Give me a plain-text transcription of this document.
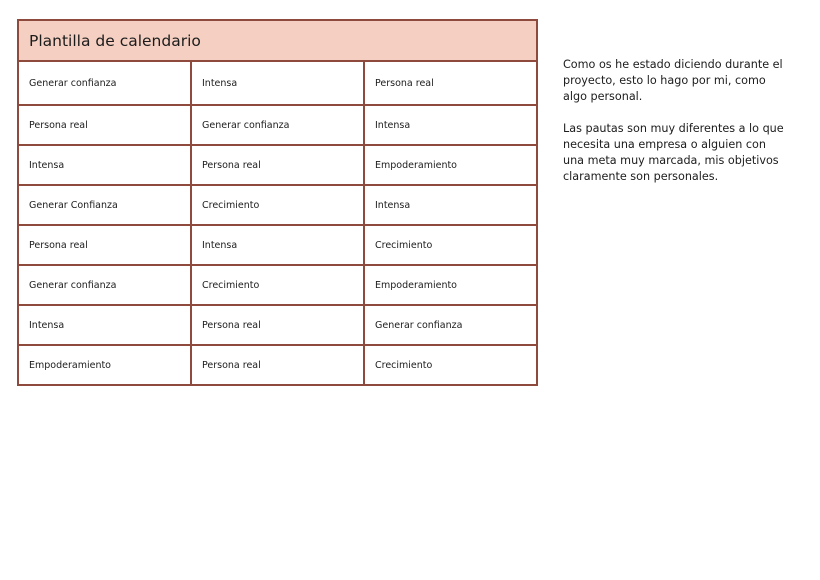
Plantilla de calendario		
Generar confianza	Intensa	Persona real
Persona real	Generar confianza	Intensa
Intensa	Persona real	Empoderamiento
Generar Confianza	Crecimiento	Intensa
Persona real	Intensa	Crecimiento
Generar confianza	Crecimiento	Empoderamiento
Intensa	Persona real	Generar confianza
Empoderamiento	Persona real	Crecimiento

Como os he estado diciendo durante el proyecto, esto lo hago por mi, como algo personal.

Las pautas son muy diferentes a lo que necesita una empresa o alguien con una meta muy marcada, mis objetivos claramente son personales.
